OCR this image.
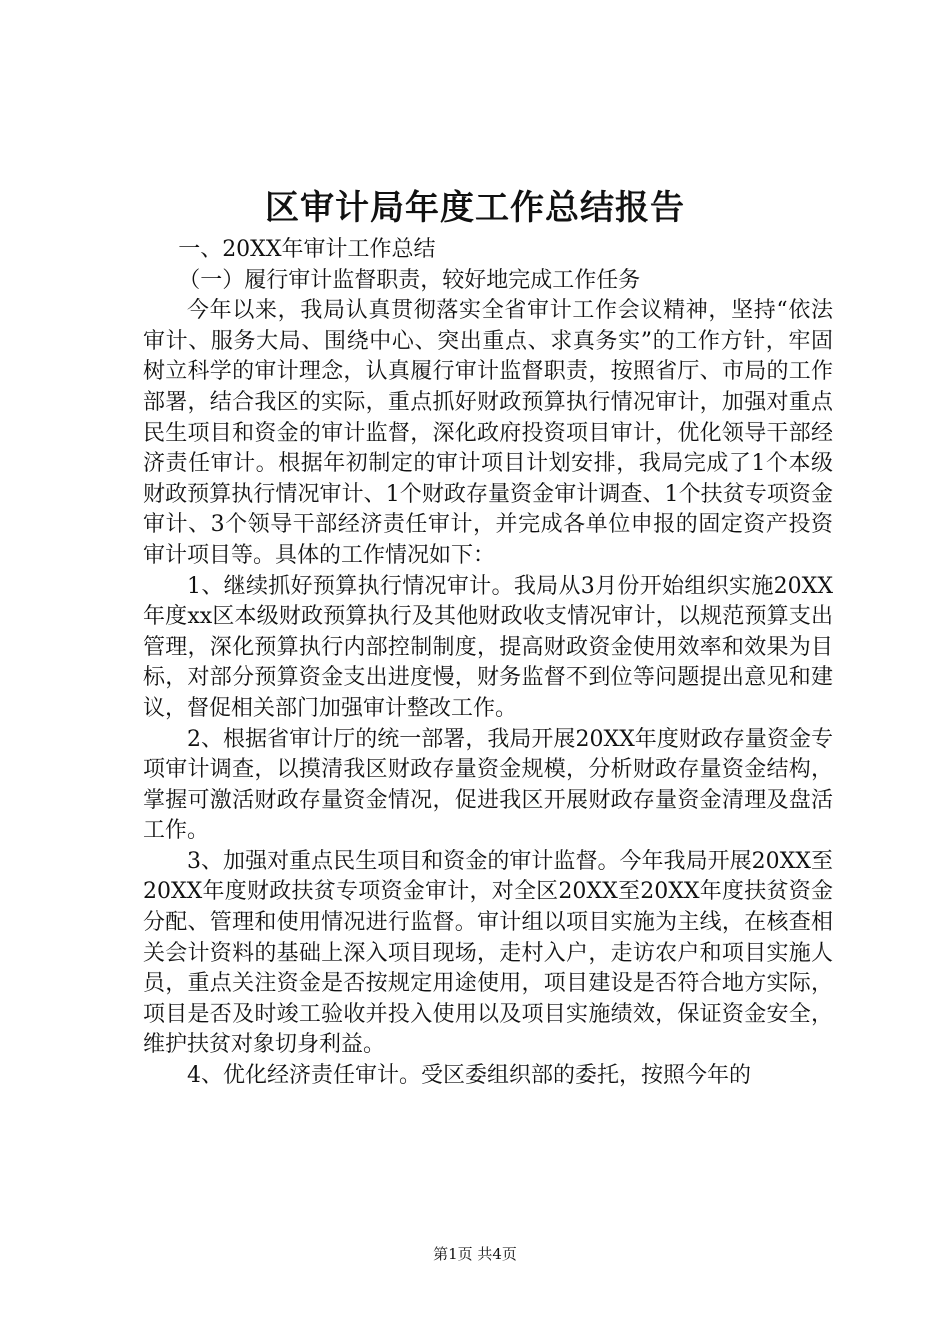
区审计局年度工作总结报告

一、20XX年审计工作总结

（一）履行审计监督职责，较好地完成工作任务

今年以来，我局认真贯彻落实全省审计工作会议精神，坚持“依法审计、服务大局、围绕中心、突出重点、求真务实”的工作方针，牢固树立科学的审计理念，认真履行审计监督职责，按照省厅、市局的工作部署，结合我区的实际，重点抓好财政预算执行情况审计，加强对重点民生项目和资金的审计监督，深化政府投资项目审计，优化领导干部经济责任审计。根据年初制定的审计项目计划安排，我局完成了1个本级财政预算执行情况审计、1个财政存量资金审计调查、1个扶贫专项资金审计、3个领导干部经济责任审计，并完成各单位申报的固定资产投资审计项目等。具体的工作情况如下：

1、继续抓好预算执行情况审计。我局从3月份开始组织实施20XX年度xx区本级财政预算执行及其他财政收支情况审计，以规范预算支出管理，深化预算执行内部控制制度，提高财政资金使用效率和效果为目标，对部分预算资金支出进度慢，财务监督不到位等问题提出意见和建议，督促相关部门加强审计整改工作。

2、根据省审计厅的统一部署，我局开展20XX年度财政存量资金专项审计调查，以摸清我区财政存量资金规模，分析财政存量资金结构，掌握可激活财政存量资金情况，促进我区开展财政存量资金清理及盘活工作。

3、加强对重点民生项目和资金的审计监督。今年我局开展20XX至20XX年度财政扶贫专项资金审计，对全区20XX至20XX年度扶贫资金分配、管理和使用情况进行监督。审计组以项目实施为主线，在核查相关会计资料的基础上深入项目现场，走村入户，走访农户和项目实施人员，重点关注资金是否按规定用途使用，项目建设是否符合地方实际，项目是否及时竣工验收并投入使用以及项目实施绩效，保证资金安全，维护扶贫对象切身利益。

4、优化经济责任审计。受区委组织部的委托，按照今年的

第1页 共4页
